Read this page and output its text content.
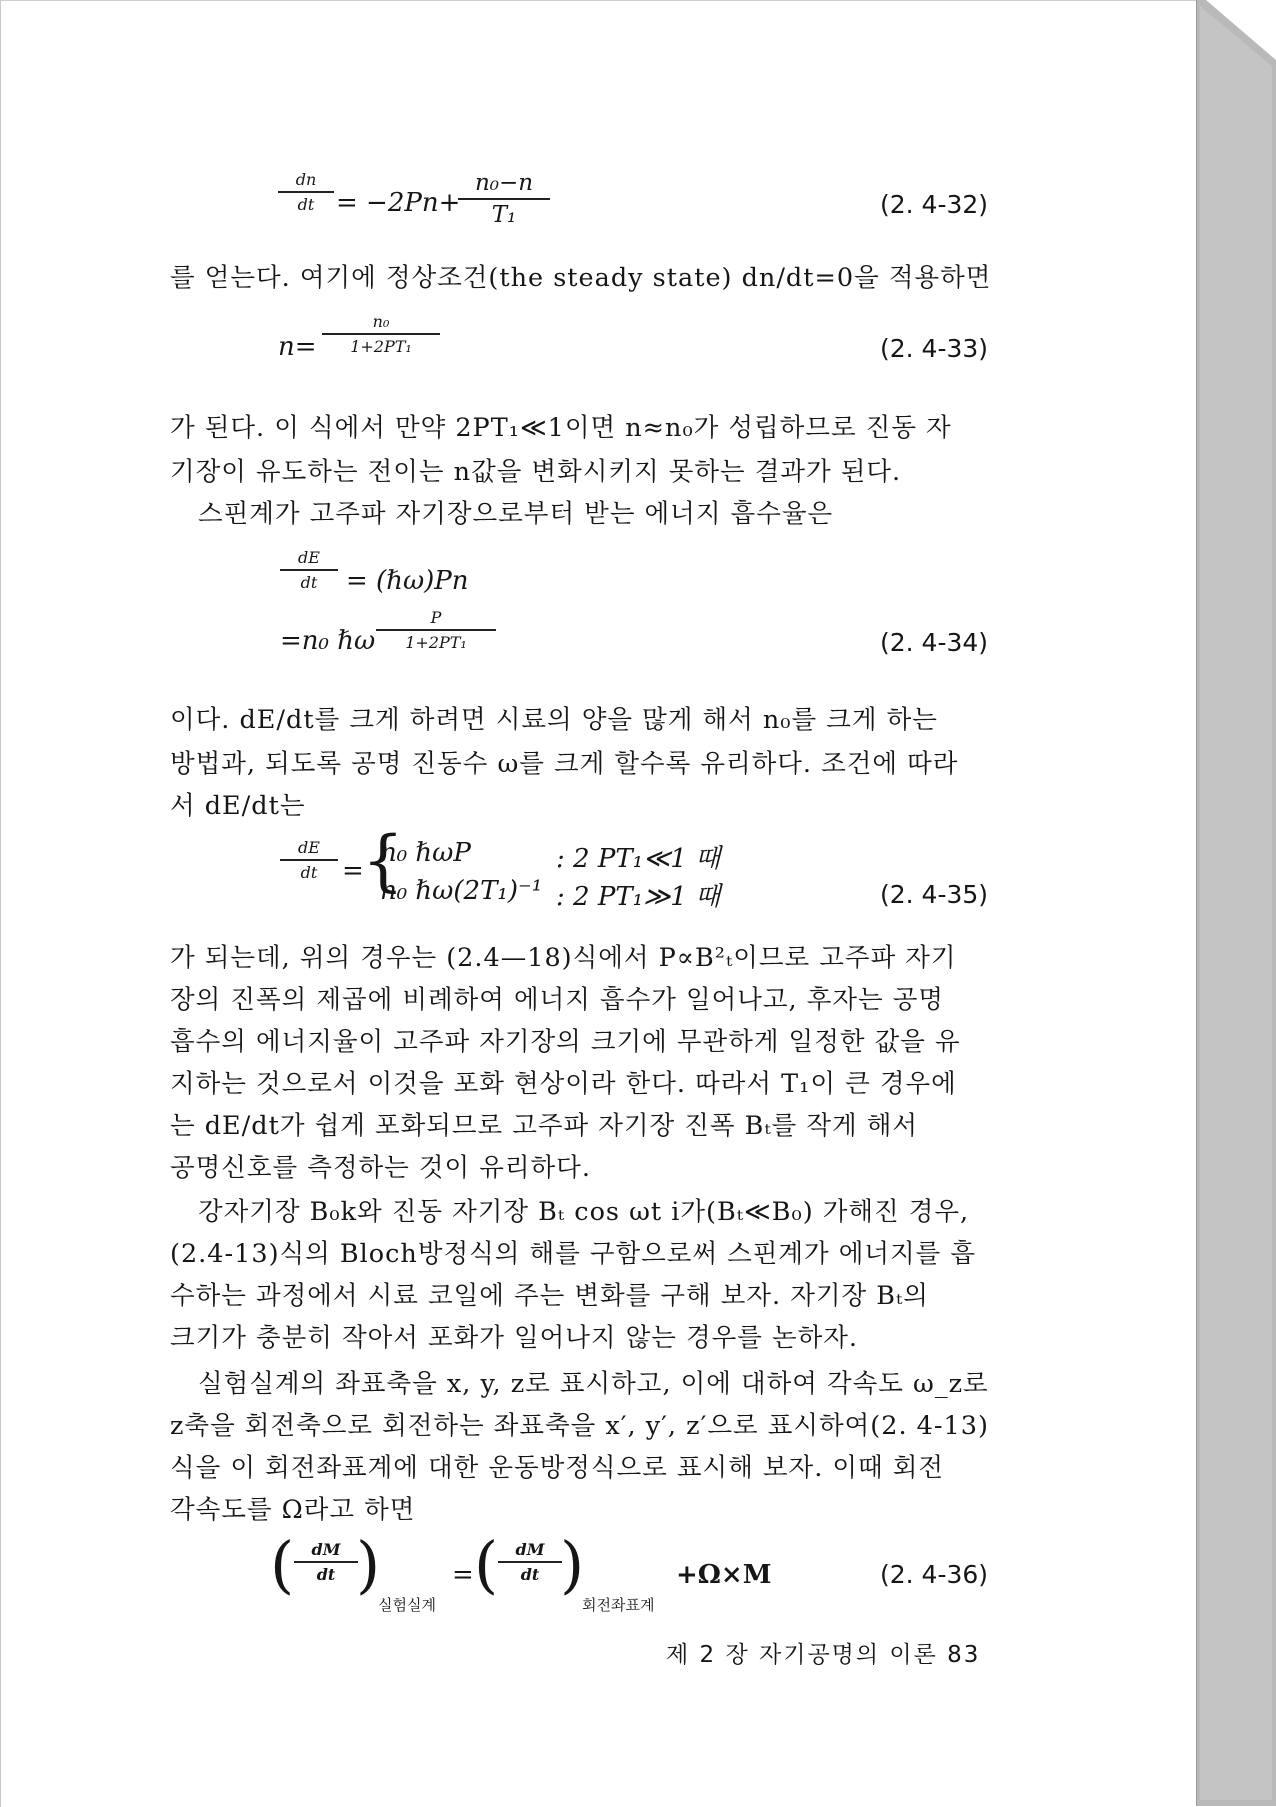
$\frac{dn}{dt} = -2Pn+$
$\frac{\text{n₀−n}}{\text{T₁}}$	(2. 4-32)
를 얻는다. 여기에 정상조건(the steady state) dn/dt=0을 적용하면
$n= \frac{\text{n₀}}{\text{1+2PT₁}}$	(2. 4-33)
가 된다. 이 식에서 만약 2PT₁≪1이면 n≈n₀가 성립하므로 진동 자
기장이 유도하는 전이는 n값을 변화시키지 못하는 결과가 된다.
스핀계가 고주파 자기장으로부터 받는 에너지 흡수율은
$\frac{dE}{dt}$ = (ℏω)Pn
=n₀ ℏω $\frac{P}{\text{1+2PT₁}}$	(2. 4-34)
이다. dE/dt를 크게 하려면 시료의 양을 많게 해서 n₀를 크게 하는
방법과, 되도록 공명 진동수 ω를 크게 할수록 유리하다. 조건에 따라
서 dE/dt는
$\frac{dE}{dt}$ =
{
n₀ ℏωP	: 2 PT₁≪1 때
n₀ ℏω(2T₁)⁻¹ : 2 PT₁≫1 때	(2. 4-35)
가 되는데, 위의 경우는 (2.4—18)식에서 P∝B²ₜ이므로 고주파 자기
장의 진폭의 제곱에 비례하여 에너지 흡수가 일어나고, 후자는 공명
흡수의 에너지율이 고주파 자기장의 크기에 무관하게 일정한 값을 유
지하는 것으로서 이것을 포화 현상이라 한다. 따라서 T₁이 큰 경우에
는 dE/dt가 쉽게 포화되므로 고주파 자기장 진폭 Bₜ를 작게 해서
공명신호를 측정하는 것이 유리하다.
강자기장 B₀k와 진동 자기장 Bₜ cos ωt i가(Bₜ≪B₀) 가해진 경우,
(2.4-13)식의 Bloch방정식의 해를 구함으로써 스핀계가 에너지를 흡
수하는 과정에서 시료 코일에 주는 변화를 구해 보자. 자기장 Bₜ의
크기가 충분히 작아서 포화가 일어나지 않는 경우를 논하자.
실험실계의 좌표축을 x, y, z로 표시하고, 이에 대하여 각속도 ω_z로
z축을 회전축으로 회전하는 좌표축을 x′, y′, z′으로 표시하여(2. 4-13)
식을 이 회전좌표계에 대한 운동방정식으로 표시해 보자. 이때 회전
각속도를 Ω라고 하면
( $\frac{dM}{dt}$
)
실험실계
= ( $\frac{dM}{dt}$
)
회전좌표계
+Ω×M	(2. 4-36)
제 2 장 자기공명의 이론 83
